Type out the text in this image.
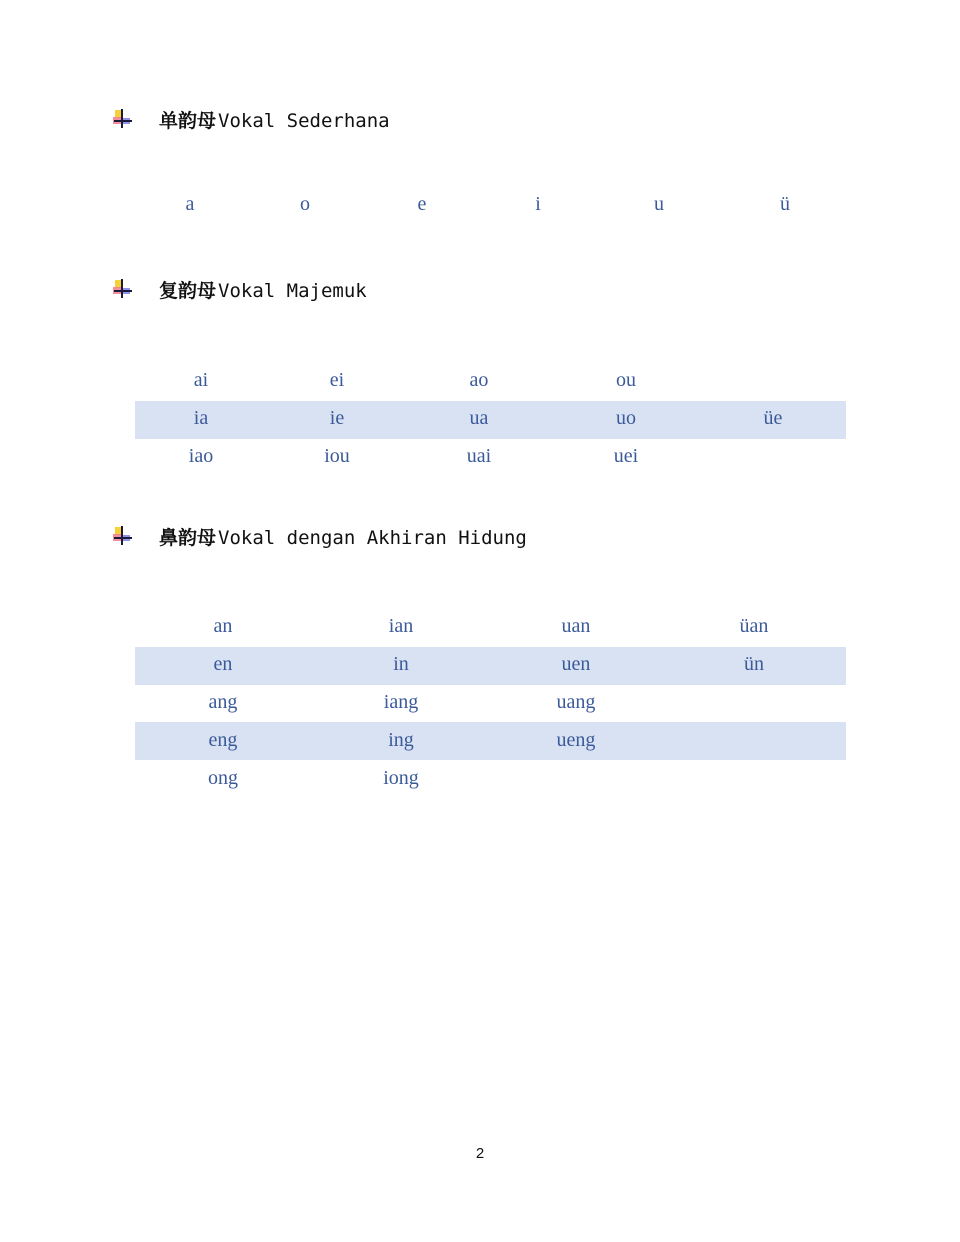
单韵母 Vokal Sederhana
a	o	e	i	u	ü
复韵母 Vokal Majemuk
ai	ei	ao	ou
ia	ie	ua	uo	üe
iao	iou	uai	uei
鼻韵母 Vokal dengan Akhiran Hidung
an	ian	uan	üan
en	in	uen	ün
ang	iang	uang
eng	ing	ueng
ong	iong
2
